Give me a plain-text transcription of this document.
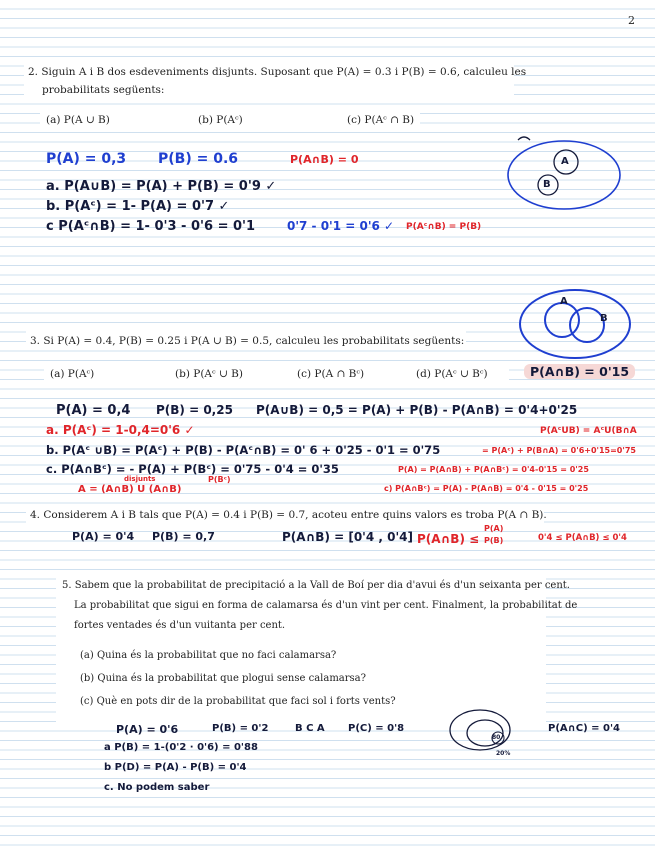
2
2. Siguin A i B dos esdeveniments disjunts. Suposant que P(A) = 0.3 i P(B) = 0.6, calculeu les
probabilitats següents:
(a) P(A ∪ B)	(b) P(Aᶜ)	(c) P(Aᶜ ∩ B)
P(A) = 0,3 P(B) = 0.6	P(A∩B) = 0
a. P(A∪B) = P(A) + P(B) = 0'9 ✓
b. P(Aᶜ) = 1- P(A) = 0'7 ✓
c P(Aᶜ∩B) = 1- 0'3 - 0'6 = 0'1	0'7 - 0'1 = 0'6 ✓ P(Aᶜ∩B) = P(B)
A
B
3. Si P(A) = 0.4, P(B) = 0.25 i P(A ∪ B) = 0.5, calculeu les probabilitats següents:
(a) P(Aᶜ)	(b) P(Aᶜ ∪ B)	(c) P(A ∩ Bᶜ)	(d) P(Aᶜ ∪ Bᶜ)	P(A∩B) = 0'15
A
B
P(A) = 0,4 P(B) = 0,25 P(A∪B) = 0,5 = P(A) + P(B) - P(A∩B) = 0'4+0'25
a. P(Aᶜ) = 1-0,4=0'6 ✓	P(AᶜUB) = AᶜU(B∩A
b. P(Aᶜ ∪B) = P(Aᶜ) + P(B) - P(Aᶜ∩B) = 0' 6 + 0'25 - 0'1 = 0'75	= P(Aᶜ) + P(B∩A) = 0'6+0'15=0'75
c. P(A∩Bᶜ) = - P(A) + P(Bᶜ) = 0'75 - 0'4 = 0'35	P(A) = P(A∩B) + P(A∩Bᶜ) = 0'4-0'15 = 0'25
disjunts	P(Bᶜ)
A = (A∩B) U (A∩B)	c) P(A∩Bᶜ) = P(A) - P(A∩B) = 0'4 - 0'15 = 0'25
4. Considerem A i B tals que P(A) = 0.4 i P(B) = 0.7, acoteu entre quins valors es troba P(A ∩ B).
P(A) = 0'4 P(B) = 0,7	P(A∩B) = [0'4 , 0'4] P(A∩B) ≤
P(A)
P(B)	0'4 ≤ P(A∩B) ≤ 0'4
5. Sabem que la probabilitat de precipitació a la Vall de Boí per dia d'avui és d'un seixanta per cent.
La probabilitat que sigui en forma de calamarsa és d'un vint per cent. Finalment, la probabilitat de
fortes ventades és d'un vuitanta per cent.
(a) Quina és la probabilitat que no faci calamarsa?
(b) Quina és la probabilitat que plogui sense calamarsa?
(c) Què en pots dir de la probabilitat que faci sol i forts vents?
P(A) = 0'6	P(B) = 0'2	B C A P(C) = 0'8	P(A∩C) = 0'4
a P(B) = 1-(0'2 · 0'6) = 0'88
b P(D) = P(A) - P(B) = 0'4
c. No podem saber
80
20%
